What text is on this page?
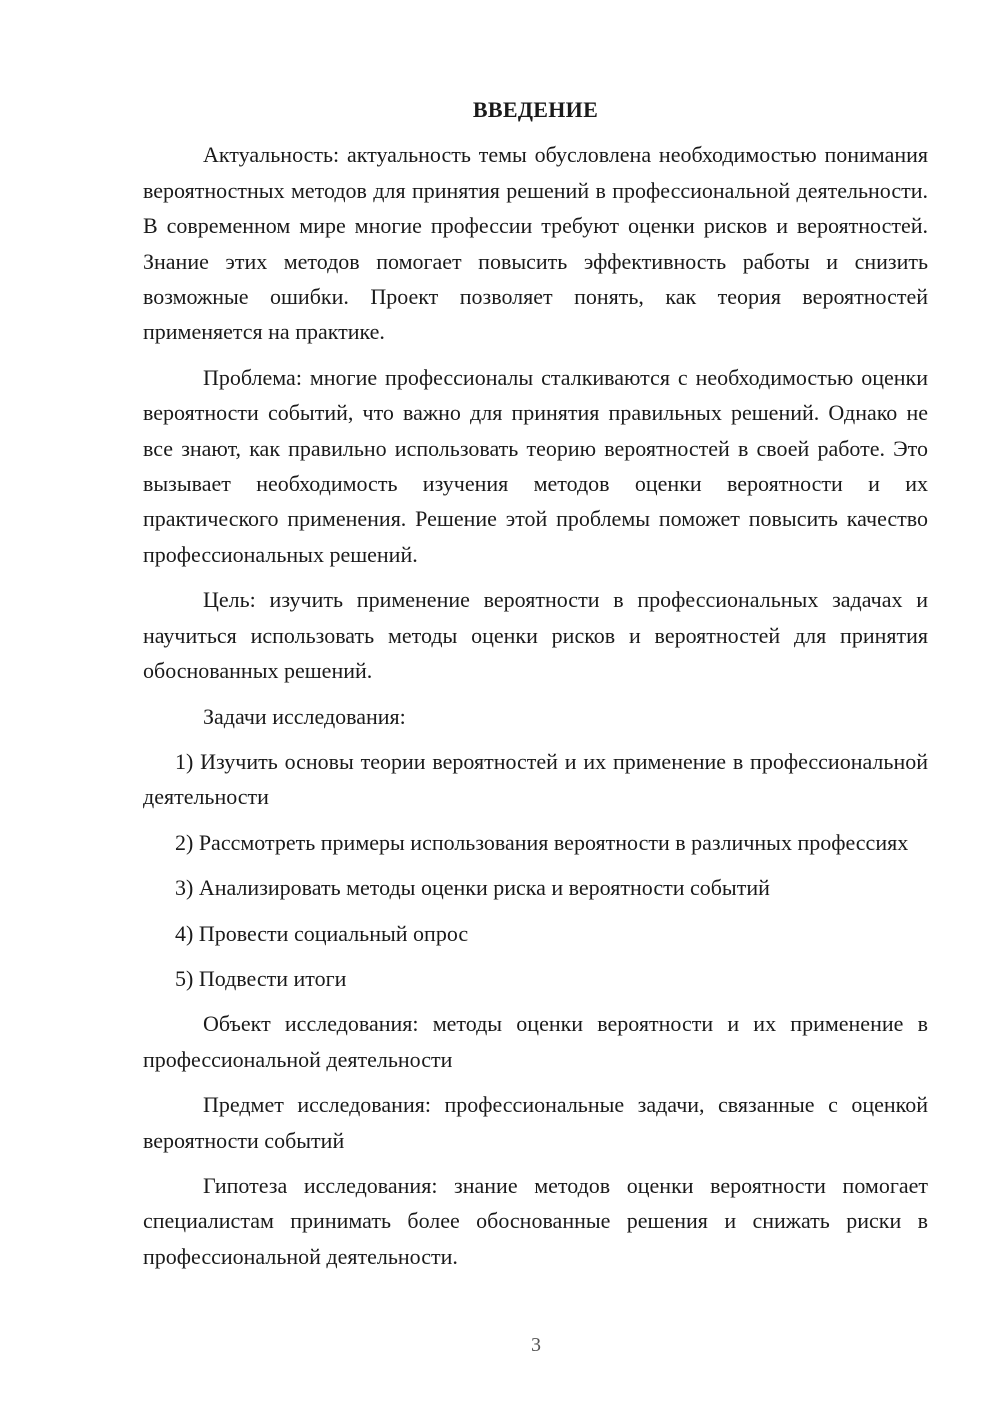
ВВЕДЕНИЕ

Актуальность: актуальность темы обусловлена необходимостью понимания вероятностных методов для принятия решений в профессиональной деятельности. В современном мире многие профессии требуют оценки рисков и вероятностей. Знание этих методов помогает повысить эффективность работы и снизить возможные ошибки. Проект позволяет понять, как теория вероятностей применяется на практике.

Проблема: многие профессионалы сталкиваются с необходимостью оценки вероятности событий, что важно для принятия правильных решений. Однако не все знают, как правильно использовать теорию вероятностей в своей работе. Это вызывает необходимость изучения методов оценки вероятности и их практического применения. Решение этой проблемы поможет повысить качество профессиональных решений.

Цель: изучить применение вероятности в профессиональных задачах и научиться использовать методы оценки рисков и вероятностей для принятия обоснованных решений.

Задачи исследования:

1) Изучить основы теории вероятностей и их применение в профессиональной деятельности

2) Рассмотреть примеры использования вероятности в различных профессиях

3) Анализировать методы оценки риска и вероятности событий

4) Провести социальный опрос

5) Подвести итоги

Объект исследования: методы оценки вероятности и их применение в профессиональной деятельности

Предмет исследования: профессиональные задачи, связанные с оценкой вероятности событий

Гипотеза исследования: знание методов оценки вероятности помогает специалистам принимать более обоснованные решения и снижать риски в профессиональной деятельности.

3
